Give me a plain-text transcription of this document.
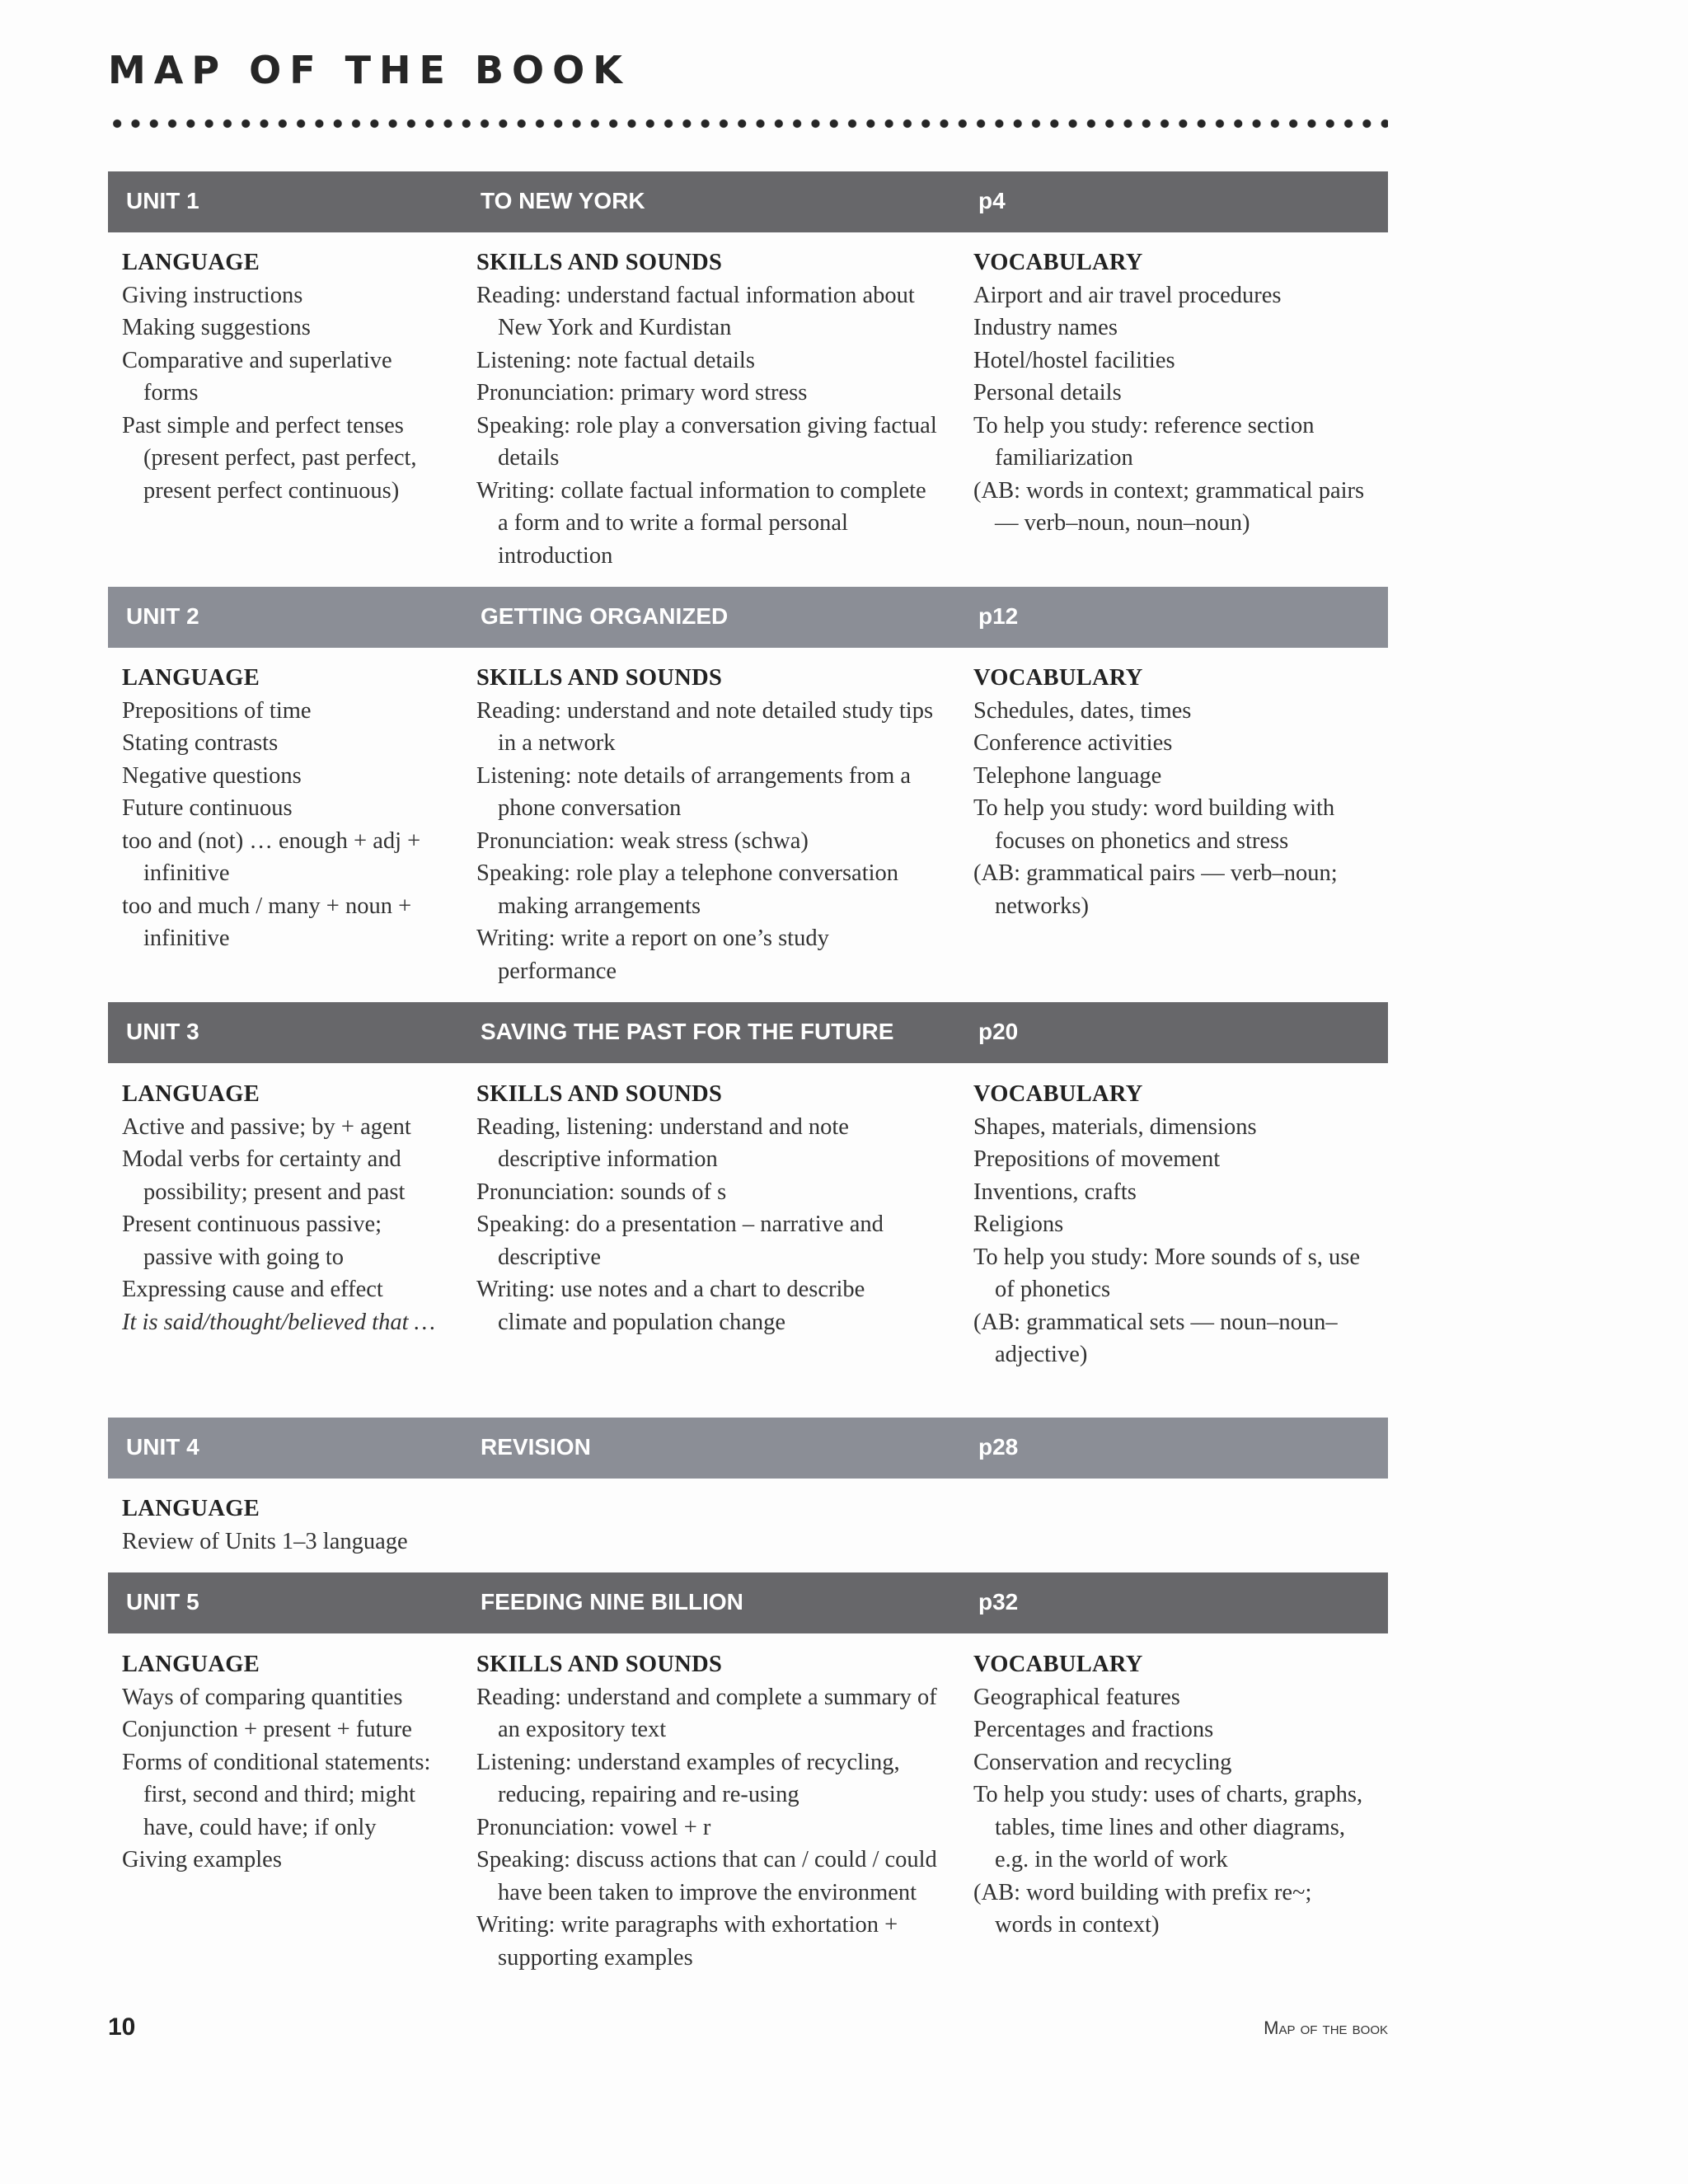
MAP OF THE BOOK
UNIT 1	TO NEW YORK	p4
LANGUAGE
Giving instructions
Making suggestions
Comparative and superlative forms
Past simple and perfect tenses (present perfect, past perfect, present perfect continuous)
SKILLS AND SOUNDS
Reading: understand factual information about New York and Kurdistan
Listening: note factual details
Pronunciation: primary word stress
Speaking: role play a conversation giving factual details
Writing: collate factual information to complete a form and to write a formal personal introduction
VOCABULARY
Airport and air travel procedures
Industry names
Hotel/hostel facilities
Personal details
To help you study: reference section familiarization
(AB: words in context; grammatical pairs — verb–noun, noun–noun)
UNIT 2	GETTING ORGANIZED	p12
LANGUAGE
Prepositions of time
Stating contrasts
Negative questions
Future continuous
too and (not) … enough + adj + infinitive
too and much / many + noun + infinitive
SKILLS AND SOUNDS
Reading: understand and note detailed study tips in a network
Listening: note details of arrangements from a phone conversation
Pronunciation: weak stress (schwa)
Speaking: role play a telephone conversation making arrangements
Writing: write a report on one’s study performance
VOCABULARY
Schedules, dates, times
Conference activities
Telephone language
To help you study: word building with focuses on phonetics and stress
(AB: grammatical pairs — verb–noun; networks)
UNIT 3	SAVING THE PAST FOR THE FUTURE	p20
LANGUAGE
Active and passive; by + agent
Modal verbs for certainty and possibility; present and past
Present continuous passive; passive with going to
Expressing cause and effect
It is said/thought/believed that …
SKILLS AND SOUNDS
Reading, listening: understand and note descriptive information
Pronunciation: sounds of s
Speaking: do a presentation – narrative and descriptive
Writing: use notes and a chart to describe climate and population change
VOCABULARY
Shapes, materials, dimensions
Prepositions of movement
Inventions, crafts
Religions
To help you study: More sounds of s, use of phonetics
(AB: grammatical sets — noun–noun–adjective)
UNIT 4	REVISION	p28
LANGUAGE
Review of Units 1–3 language
UNIT 5	FEEDING NINE BILLION	p32
LANGUAGE
Ways of comparing quantities
Conjunction + present + future
Forms of conditional statements: first, second and third; might have, could have; if only
Giving examples
SKILLS AND SOUNDS
Reading: understand and complete a summary of an expository text
Listening: understand examples of recycling, reducing, repairing and re-using
Pronunciation: vowel + r
Speaking: discuss actions that can / could / could have been taken to improve the environment
Writing: write paragraphs with exhortation + supporting examples
VOCABULARY
Geographical features
Percentages and fractions
Conservation and recycling
To help you study: uses of charts, graphs, tables, time lines and other diagrams, e.g. in the world of work
(AB: word building with prefix re~; words in context)
10	Map of the book
